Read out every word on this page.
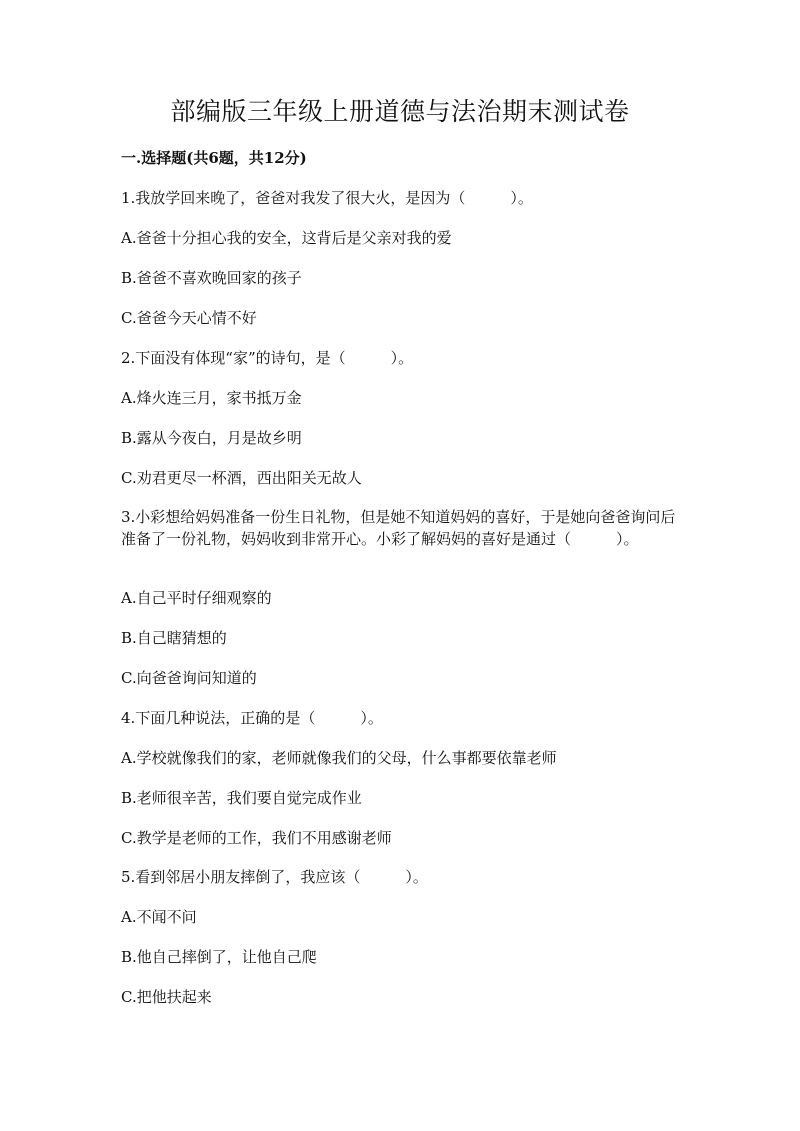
部编版三年级上册道德与法治期末测试卷
一.选择题(共6题，共12分)

1.我放学回来晚了，爸爸对我发了很大火，是因为（　　　）。

A.爸爸十分担心我的安全，这背后是父亲对我的爱

B.爸爸不喜欢晚回家的孩子

C.爸爸今天心情不好

2.下面没有体现“家”的诗句，是（　　　）。

A.烽火连三月，家书抵万金

B.露从今夜白，月是故乡明

C.劝君更尽一杯酒，西出阳关无故人

3.小彩想给妈妈准备一份生日礼物，但是她不知道妈妈的喜好，于是她向爸爸询问后准备了一份礼物，妈妈收到非常开心。小彩了解妈妈的喜好是通过（　　　）。

A.自己平时仔细观察的

B.自己瞎猜想的

C.向爸爸询问知道的

4.下面几种说法，正确的是（　　　）。

A.学校就像我们的家，老师就像我们的父母，什么事都要依靠老师

B.老师很辛苦，我们要自觉完成作业

C.教学是老师的工作，我们不用感谢老师

5.看到邻居小朋友摔倒了，我应该（　　　）。

A.不闻不问

B.他自己摔倒了，让他自己爬

C.把他扶起来
